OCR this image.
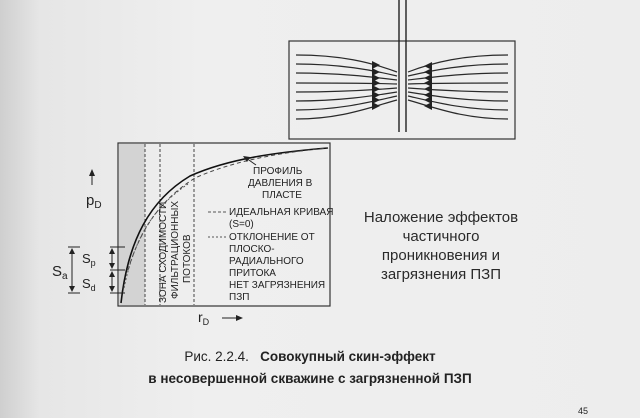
ЗОНА СХОДИМОСТИ ФИЛЬТРАЦИОННЫХ ПОТОКОВ
ПРОФИЛЬ
ДАВЛЕНИЯ В
ПЛАСТЕ
ИДЕАЛЬНАЯ КРИВАЯ
(S=0)
ОТКЛОНЕНИЕ ОТ
ПЛОСКО-
РАДИАЛЬНОГО
ПРИТОКА
НЕТ ЗАГРЯЗНЕНИЯ
ПЗП
$p_D$
$r_D$
$S_p$
$S_d$
$S_a$
45
Наложение эффектов
частичного
проникновения и
загрязнения ПЗП
Рис. 2.2.4. Совокупный скин-эффект
в несовершенной скважине с загрязненной ПЗП
